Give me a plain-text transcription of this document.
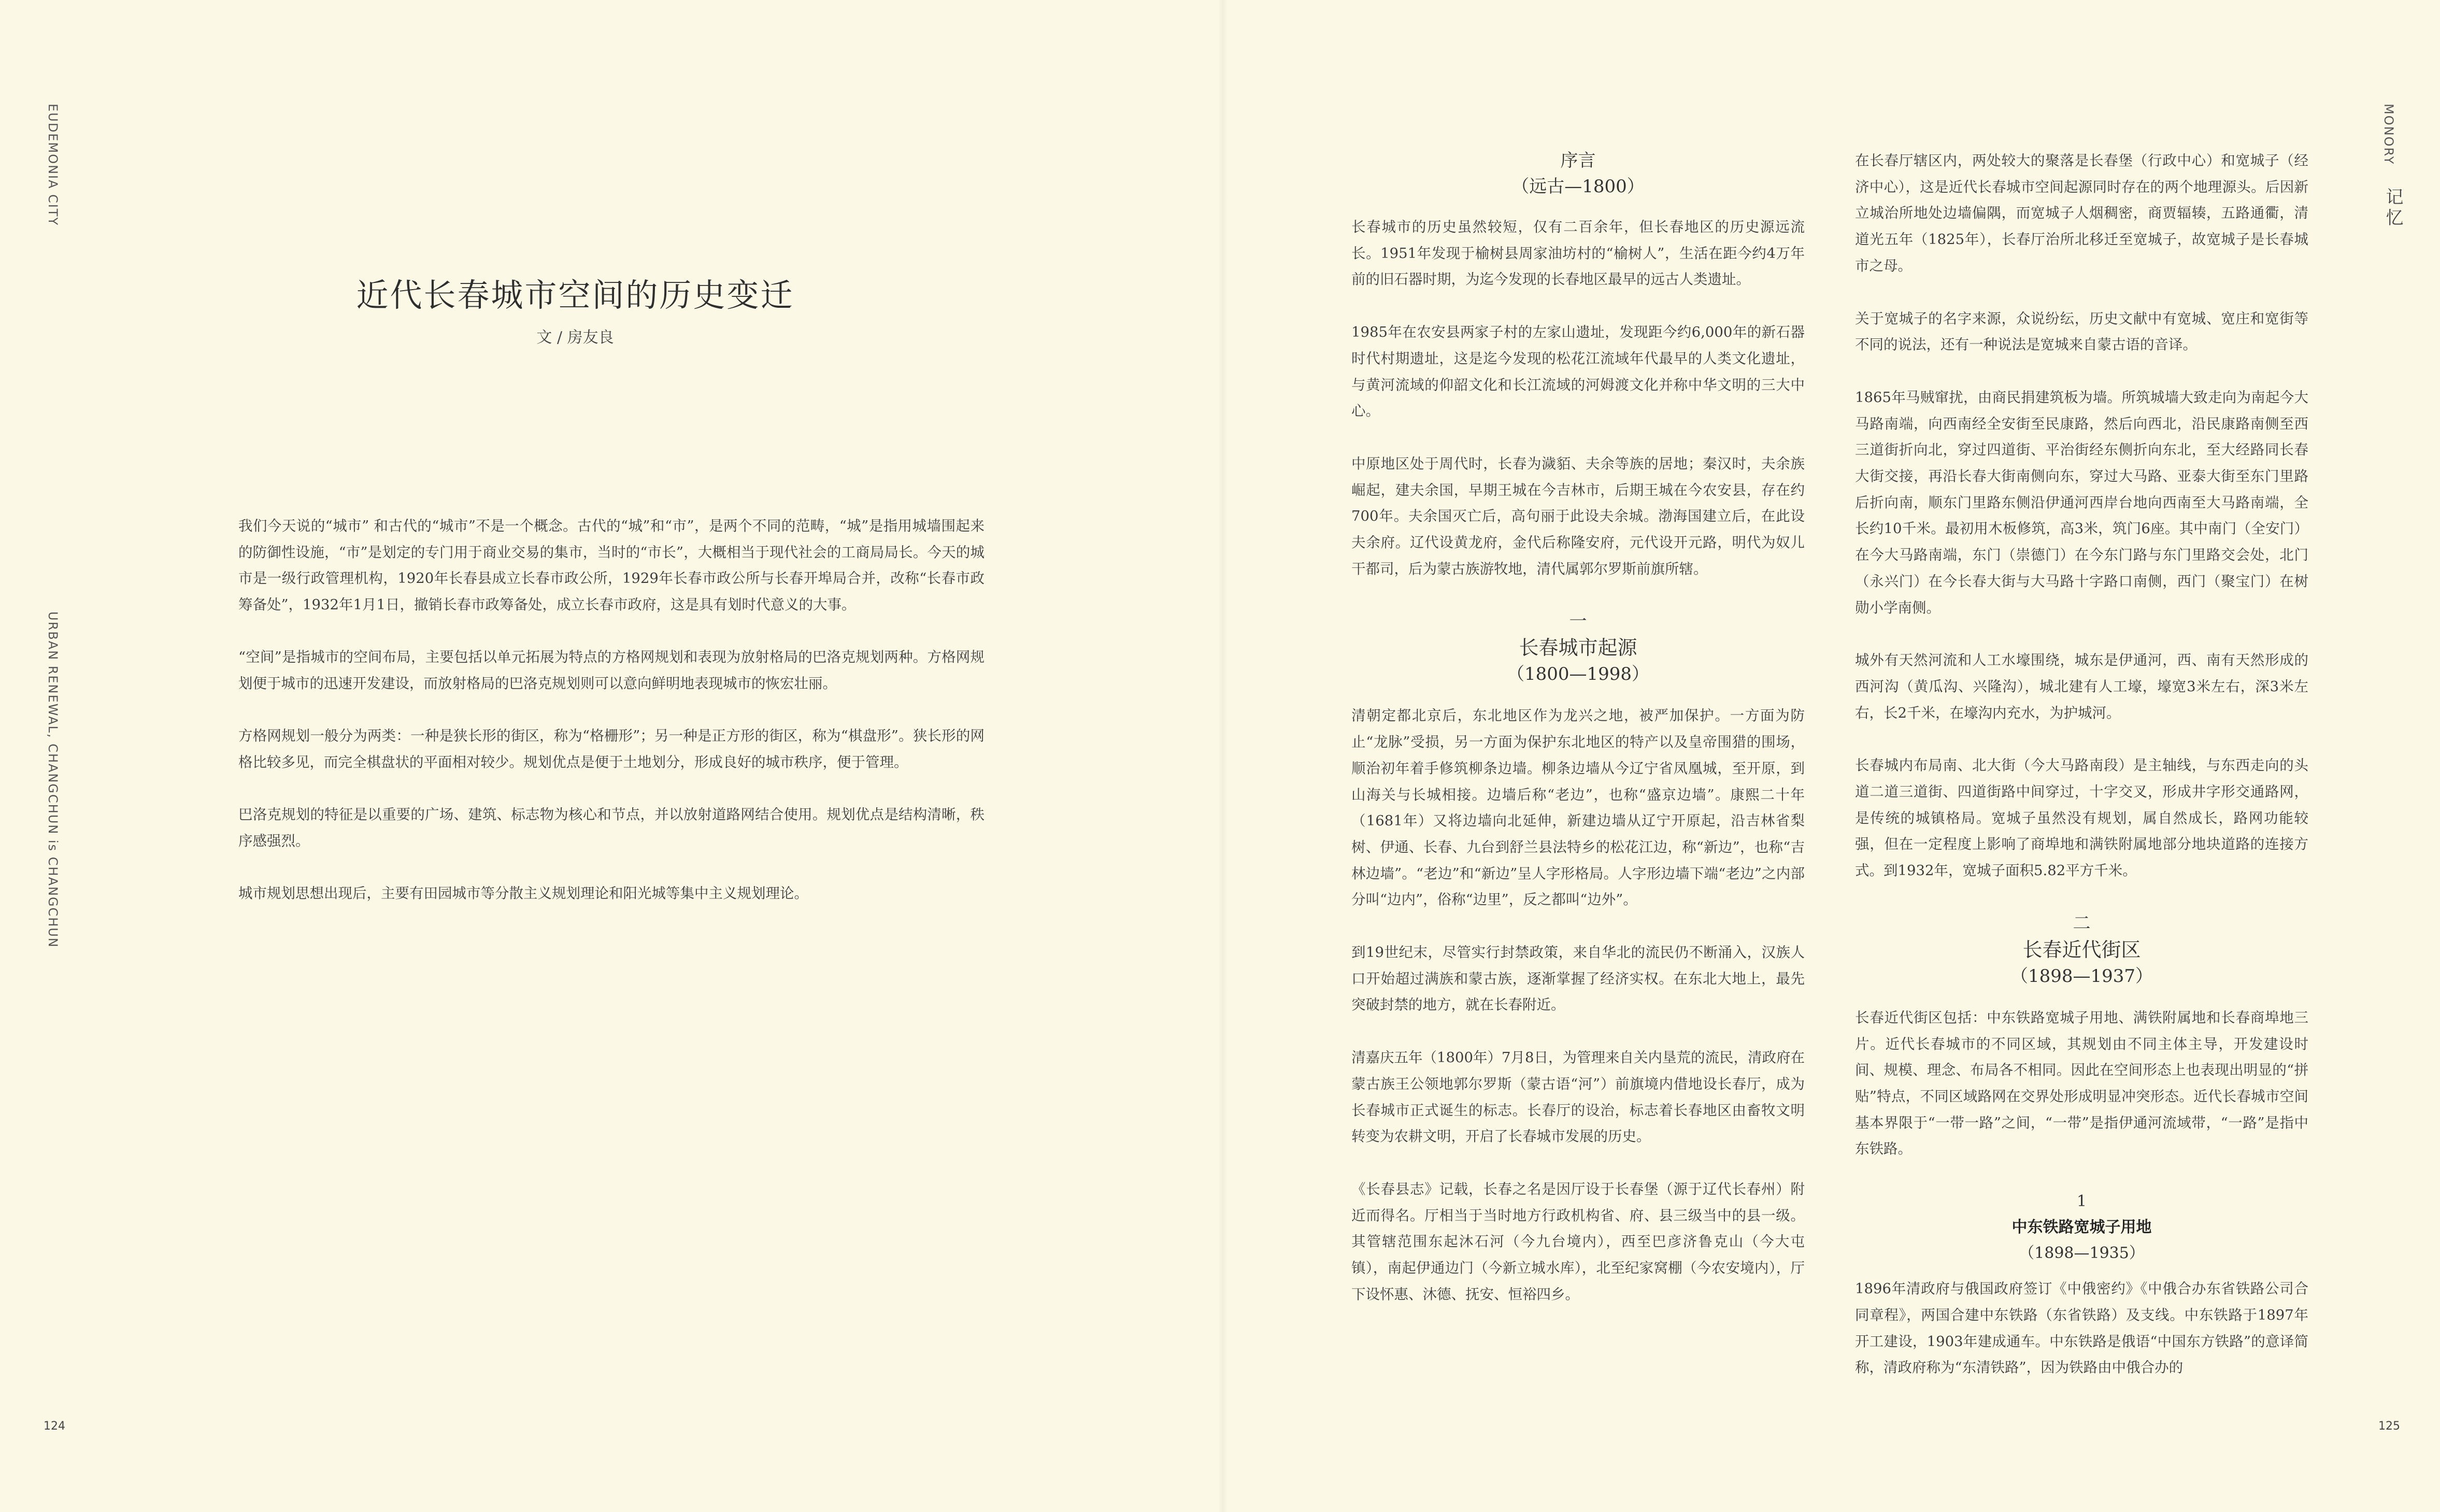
EUDEMONIA CITY
URBAN RENEWAL, CHANGCHUN is CHANGCHUN
MONORY
记忆
124	125
近代长春城市空间的历史变迁
文 / 房友良

我们今天说的“城市” 和古代的“城市”不是一个概念。古代的“城”和“市”，是两个不同的范畴，“城”是指用城墙围起来的防御性设施，“市”是划定的专门用于商业交易的集市，当时的“市长”，大概相当于现代社会的工商局局长。今天的城市是一级行政管理机构，1920年长春县成立长春市政公所，1929年长春市政公所与长春开埠局合并，改称“长春市政筹备处”，1932年1月1日，撤销长春市政筹备处，成立长春市政府，这是具有划时代意义的大事。

“空间”是指城市的空间布局，主要包括以单元拓展为特点的方格网规划和表现为放射格局的巴洛克规划两种。方格网规划便于城市的迅速开发建设，而放射格局的巴洛克规划则可以意向鲜明地表现城市的恢宏壮丽。

方格网规划一般分为两类：一种是狭长形的街区，称为“格栅形”；另一种是正方形的街区，称为“棋盘形”。狭长形的网格比较多见，而完全棋盘状的平面相对较少。规划优点是便于土地划分，形成良好的城市秩序，便于管理。

巴洛克规划的特征是以重要的广场、建筑、标志物为核心和节点，并以放射道路网结合使用。规划优点是结构清晰，秩序感强烈。

城市规划思想出现后，主要有田园城市等分散主义规划理论和阳光城等集中主义规划理论。

序言
（远古—1800）

长春城市的历史虽然较短，仅有二百余年，但长春地区的历史源远流长。1951年发现于榆树县周家油坊村的“榆树人”，生活在距今约4万年前的旧石器时期，为迄今发现的长春地区最早的远古人类遗址。

1985年在农安县两家子村的左家山遗址，发现距今约6,000年的新石器时代村期遗址，这是迄今发现的松花江流域年代最早的人类文化遗址，与黄河流域的仰韶文化和长江流域的河姆渡文化并称中华文明的三大中心。

中原地区处于周代时，长春为濊貊、夫余等族的居地；秦汉时，夫余族崛起，建夫余国，早期王城在今吉林市，后期王城在今农安县，存在约700年。夫余国灭亡后，高句丽于此设夫余城。渤海国建立后，在此设夫余府。辽代设黄龙府，金代后称隆安府，元代设开元路，明代为奴儿干都司，后为蒙古族游牧地，清代属郭尔罗斯前旗所辖。

一
长春城市起源
（1800—1998）

清朝定都北京后，东北地区作为龙兴之地，被严加保护。一方面为防止“龙脉”受损，另一方面为保护东北地区的特产以及皇帝围猎的围场，顺治初年着手修筑柳条边墙。柳条边墙从今辽宁省凤凰城，至开原，到山海关与长城相接。边墙后称“老边”，也称“盛京边墙”。康熙二十年（1681年）又将边墙向北延伸，新建边墙从辽宁开原起，沿吉林省梨树、伊通、长春、九台到舒兰县法特乡的松花江边，称“新边”，也称“吉林边墙”。“老边”和“新边”呈人字形格局。人字形边墙下端“老边”之内部分叫“边内”，俗称“边里”，反之都叫“边外”。

到19世纪末，尽管实行封禁政策，来自华北的流民仍不断涌入，汉族人口开始超过满族和蒙古族，逐渐掌握了经济实权。在东北大地上，最先突破封禁的地方，就在长春附近。

清嘉庆五年（1800年）7月8日，为管理来自关内垦荒的流民，清政府在蒙古族王公领地郭尔罗斯（蒙古语“河”）前旗境内借地设长春厅，成为长春城市正式诞生的标志。长春厅的设治，标志着长春地区由畜牧文明转变为农耕文明，开启了长春城市发展的历史。

《长春县志》记载，长春之名是因厅设于长春堡（源于辽代长春州）附近而得名。厅相当于当时地方行政机构省、府、县三级当中的县一级。其管辖范围东起沐石河（今九台境内），西至巴彦济鲁克山（今大屯镇），南起伊通边门（今新立城水库），北至纪家窝棚（今农安境内），厅下设怀惠、沐德、抚安、恒裕四乡。

在长春厅辖区内，两处较大的聚落是长春堡（行政中心）和宽城子（经济中心），这是近代长春城市空间起源同时存在的两个地理源头。后因新立城治所地处边墙偏隅，而宽城子人烟稠密，商贾辐辏，五路通衢，清道光五年（1825年），长春厅治所北移迁至宽城子，故宽城子是长春城市之母。

关于宽城子的名字来源，众说纷纭，历史文献中有宽城、宽庄和宽街等不同的说法，还有一种说法是宽城来自蒙古语的音译。

1865年马贼窜扰，由商民捐建筑板为墙。所筑城墙大致走向为南起今大马路南端，向西南经全安街至民康路，然后向西北，沿民康路南侧至西三道街折向北，穿过四道街、平治街经东侧折向东北，至大经路同长春大街交接，再沿长春大街南侧向东，穿过大马路、亚泰大街至东门里路后折向南，顺东门里路东侧沿伊通河西岸台地向西南至大马路南端，全长约10千米。最初用木板修筑，高3米，筑门6座。其中南门（全安门）在今大马路南端，东门（崇德门）在今东门路与东门里路交会处，北门（永兴门）在今长春大街与大马路十字路口南侧，西门（聚宝门）在树勋小学南侧。

城外有天然河流和人工水壕围绕，城东是伊通河，西、南有天然形成的西河沟（黄瓜沟、兴隆沟），城北建有人工壕，壕宽3米左右，深3米左右，长2千米，在壕沟内充水，为护城河。

长春城内布局南、北大街（今大马路南段）是主轴线，与东西走向的头道二道三道街、四道街路中间穿过，十字交叉，形成井字形交通路网，是传统的城镇格局。宽城子虽然没有规划，属自然成长，路网功能较强，但在一定程度上影响了商埠地和满铁附属地部分地块道路的连接方式。到1932年，宽城子面积5.82平方千米。

二
长春近代街区
（1898—1937）

长春近代街区包括：中东铁路宽城子用地、满铁附属地和长春商埠地三片。近代长春城市的不同区域，其规划由不同主体主导，开发建设时间、规模、理念、布局各不相同。因此在空间形态上也表现出明显的“拼贴”特点，不同区域路网在交界处形成明显冲突形态。近代长春城市空间基本界限于“一带一路”之间，“一带”是指伊通河流域带，“一路”是指中东铁路。

1
中东铁路宽城子用地
（1898—1935）

1896年清政府与俄国政府签订《中俄密约》《中俄合办东省铁路公司合同章程》，两国合建中东铁路（东省铁路）及支线。中东铁路于1897年开工建设，1903年建成通车。中东铁路是俄语“中国东方铁路”的意译简称，清政府称为“东清铁路”，因为铁路由中俄合办的
